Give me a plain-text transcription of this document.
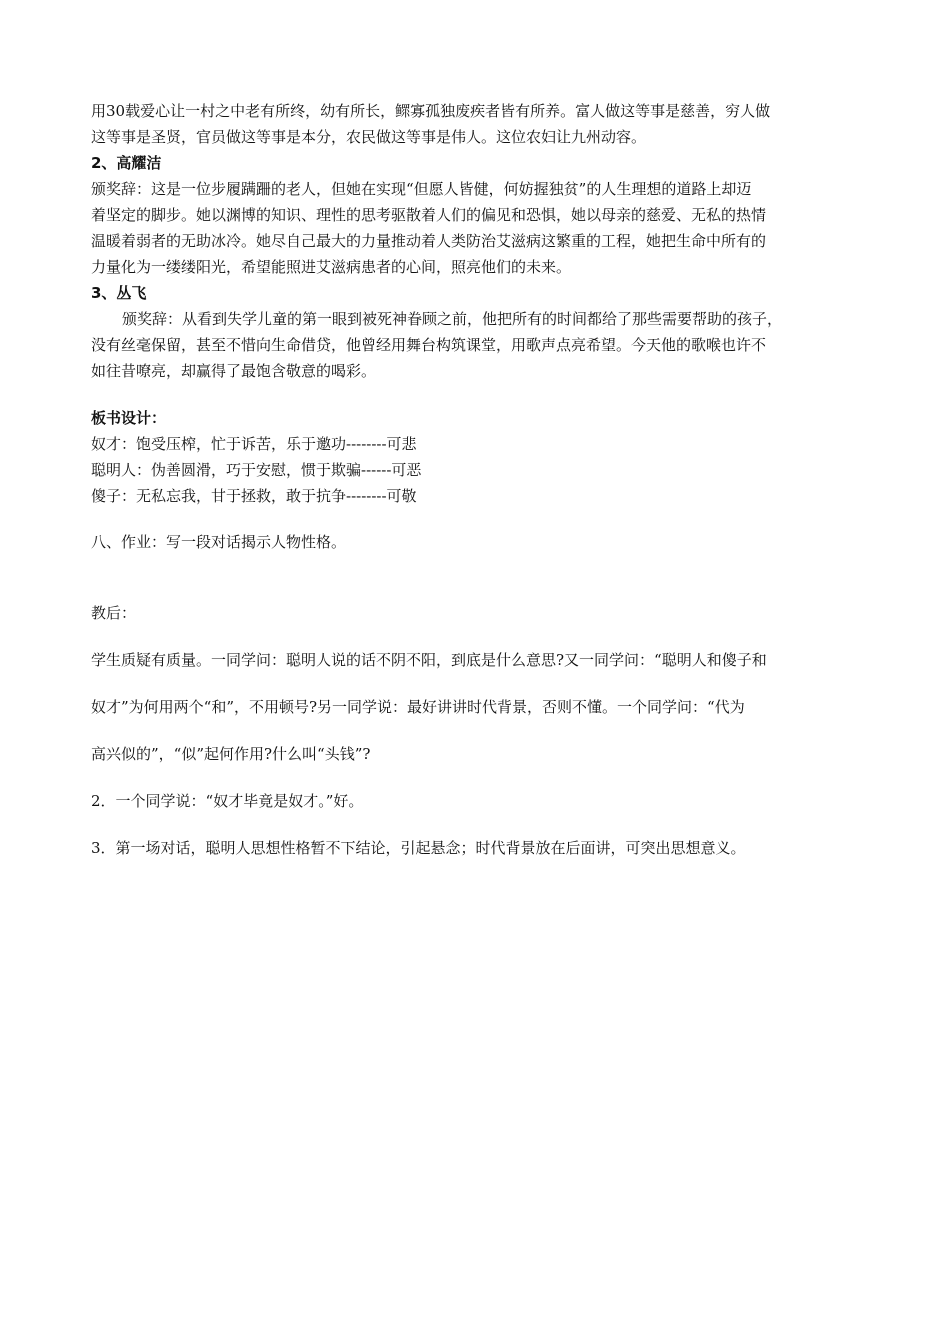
用30载爱心让一村之中老有所终，幼有所长，鳏寡孤独废疾者皆有所养。富人做这等事是慈善，穷人做

这等事是圣贤，官员做这等事是本分，农民做这等事是伟人。这位农妇让九州动容。

2、高耀洁

颁奖辞：这是一位步履蹒跚的老人，但她在实现“但愿人皆健，何妨握独贫”的人生理想的道路上却迈

着坚定的脚步。她以渊博的知识、理性的思考驱散着人们的偏见和恐惧，她以母亲的慈爱、无私的热情

温暖着弱者的无助冰冷。她尽自己最大的力量推动着人类防治艾滋病这繁重的工程，她把生命中所有的

力量化为一缕缕阳光，希望能照进艾滋病患者的心间，照亮他们的未来。

3、丛飞

颁奖辞：从看到失学儿童的第一眼到被死神眷顾之前，他把所有的时间都给了那些需要帮助的孩子，

没有丝毫保留，甚至不惜向生命借贷，他曾经用舞台构筑课堂，用歌声点亮希望。今天他的歌喉也许不

如往昔嘹亮，却赢得了最饱含敬意的喝彩。

板书设计：

奴才：饱受压榨，忙于诉苦，乐于邀功--------可悲

聪明人：伪善圆滑，巧于安慰，惯于欺骗------可恶

傻子：无私忘我，甘于拯救，敢于抗争--------可敬

八、作业：写一段对话揭示人物性格。

教后：

学生质疑有质量。一同学问：聪明人说的话不阴不阳，到底是什么意思?又一同学问：“聪明人和傻子和

奴才”为何用两个“和”，不用顿号?另一同学说：最好讲讲时代背景，否则不懂。一个同学问：“代为

高兴似的”，“似”起何作用?什么叫“头钱”?

2．一个同学说：“奴才毕竟是奴才。”好。

3．第一场对话，聪明人思想性格暂不下结论，引起悬念；时代背景放在后面讲，可突出思想意义。
